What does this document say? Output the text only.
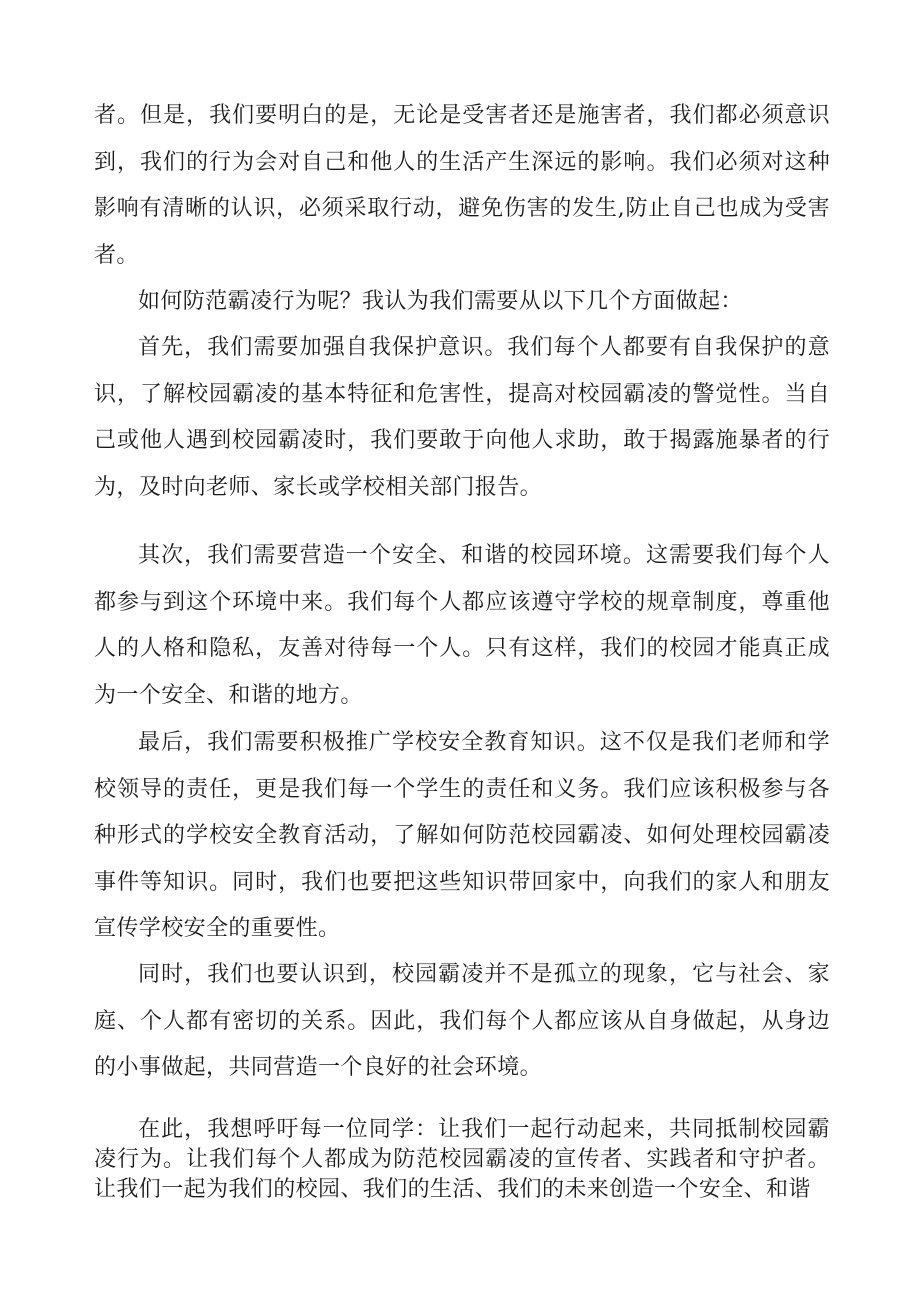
者。但是，我们要明白的是，无论是受害者还是施害者，我们都必须意识到，我们的行为会对自己和他人的生活产生深远的影响。我们必须对这种影响有清晰的认识，必须采取行动，避免伤害的发生,防止自己也成为受害者。

如何防范霸凌行为呢？我认为我们需要从以下几个方面做起：

首先，我们需要加强自我保护意识。我们每个人都要有自我保护的意识，了解校园霸凌的基本特征和危害性，提高对校园霸凌的警觉性。当自己或他人遇到校园霸凌时，我们要敢于向他人求助，敢于揭露施暴者的行为，及时向老师、家长或学校相关部门报告。

其次，我们需要营造一个安全、和谐的校园环境。这需要我们每个人都参与到这个环境中来。我们每个人都应该遵守学校的规章制度，尊重他人的人格和隐私，友善对待每一个人。只有这样，我们的校园才能真正成为一个安全、和谐的地方。

最后，我们需要积极推广学校安全教育知识。这不仅是我们老师和学校领导的责任，更是我们每一个学生的责任和义务。我们应该积极参与各种形式的学校安全教育活动，了解如何防范校园霸凌、如何处理校园霸凌事件等知识。同时，我们也要把这些知识带回家中，向我们的家人和朋友宣传学校安全的重要性。

同时，我们也要认识到，校园霸凌并不是孤立的现象，它与社会、家庭、个人都有密切的关系。因此，我们每个人都应该从自身做起，从身边的小事做起，共同营造一个良好的社会环境。

在此，我想呼吁每一位同学：让我们一起行动起来，共同抵制校园霸凌行为。让我们每个人都成为防范校园霸凌的宣传者、实践者和守护者。让我们一起为我们的校园、我们的生活、我们的未来创造一个安全、和谐
